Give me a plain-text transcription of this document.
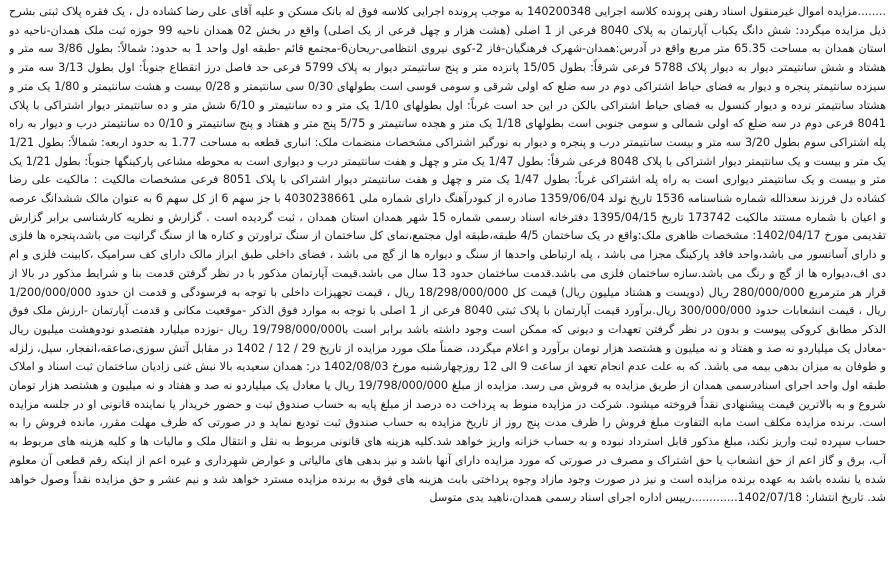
........مزایده اموال غیرمنقول اسناد رهنی پرونده کلاسه اجرایی 140200348 به موجب پرونده اجرایی کلاسه فوق له بانک مسکن و علیه آقای علی رضا کشاده دل ، یک فقره پلاک ثبتی بشرح ذیل مزایده میگردد: شش دانگ یکباب آپارتمان به پلاک 8040 فرعی از 1 اصلی (هشت هزار و چهل فرعی از یک اصلی) واقع در بخش 02 همدان ناحیه 99 حوزه ثبت ملک همدان-ناحیه دو استان همدان به مساحت 65.35 متر مربع واقع در آدرس:همدان-شهرک فرهنگیان-فاز 2-کوی نیروی انتظامی-ریحان6-مجتمع قائم -طبقه اول واحد 1 به حدود: شمالاً: بطول 3/86 سه متر و هشتاد و شش سانتیمتر دیوار به دیوار پلاک 5788 فرعی شرقاً: بطول 15/05 پانزده متر و پنج سانتیمتر دیوار به پلاک 5799 فرعی حد فاصل درز انقطاع جنوباً: اول بطول 3/13 سه متر و سیزده سانتیمتر پنجره و دیوار به فضای حیاط اشتراکی دوم در سه ضلع که اولی شرقی و سومی قوسی است بطولهای 0/30 سی سانتیمتر و 0/28 بیست و هشت سانتیمتر و 1/80 یک متر و هشتاد سانتیمتر نرده و دیوار کنسول به فضای حیاط اشتراکی بالکن در این حد است غرباً: اول بطولهای 1/10 یک متر و ده سانتیمتر و 6/10 شش متر و ده سانتیمتر دیوار اشتراکی با پلاک 8041 فرعی دوم در سه ضلع که اولی شمالی و سومی جنوبی است بطولهای 1/18 یک متر و هجده سانتیمتر و 5/75 پنج متر و هفتاد و پنج سانتیمتر و 0/10 ده سانتیمتر درب و دیوار به راه پله اشتراکی سوم بطول 3/20 سه متر و بیست سانتیمتر درب و پنجره و دیوار به نورگیر اشتراکی مشخصات منضمات ملک: انباری قطعه به مساحت 1.77 به حدود اربعه: شمالاً: بطول 1/21 یک متر و بیست و یک سانتیمتر دیوار اشتراکی با پلاک 8048 فرعی شرقاً: بطول 1/47 یک متر و چهل و هفت سانتیمتر درب و دیواری است به محوطه مشاعی پارکینگها جنوباً: بطول 1/21 یک متر و بیست و یک سانتیمتر دیواری است به راه پله اشتراکی غرباً: بطول 1/47 یک متر و چهل و هفت سانتیمتر دیوار اشتراکی با پلاک 8051 فرعی مشخصات مالکیت : مالکیت علی رضا کشاده دل فرزند سعدالله شماره شناسنامه 1536 تاریخ تولد 1359/06/04 صادره از کبودرآهنگ دارای شماره ملی 4030238661 با جز سهم 6 از کل سهم 6 به عنوان مالک ششدانگ عرصه و اعیان با شماره مستند مالکیت 173742 تاریخ 1395/04/15 دفترخانه اسناد رسمی شماره 15 شهر همدان استان همدان ، ثبت گردیده است . گزارش و نظریه کارشناسی برابر گزارش تقدیمی مورخ 1402/04/17: مشخصات ظاهری ملک:واقع در یک ساختمان 4/5 طبقه،طبقه اول مجتمع،نمای کل ساختمان از سنگ تراورتن و کناره ها از سنگ گرانیت می باشد،پنجره ها فلزی و دارای آسانسور می باشد،واحد فاقد پارکینگ مجزا می باشد ، پله ارتباطی واحدها از سنگ و دیواره ها از گچ می باشد ، فضای داخلی طبق ابراز مالک دارای کف سرامیک ،کابینت فلزی و ام دی اف،دیواره ها از گچ و رنگ می باشد.سازه ساختمان فلزی می باشد.قدمت ساختمان حدود 13 سال می باشد.قیمت آپارتمان مذکور با در نظر گرفتن قدمت بنا و شرایط مذکور در بالا از قرار هر مترمربع 280/000/000 ریال (دویست و هشتاد میلیون ریال) قیمت کل 18/298/000/000 ریال ، قیمت تجهیزات داخلی با توجه به فرسودگی و قدمت ان حدود 1/200/000/000 ریال ، قیمت انشعابات حدود 300/000/000 ریال.برآورد قیمت آپارتمان با پلاک ثبتی 8040 فرعی از 1 اصلی با توجه به موارد فوق الذکر -موقعیت مکانی و قدمت آپارتمان -ارزش ملک فوق الذکر مطابق کروکی پیوست و بدون در نظر گرفتن تعهدات و دیونی که ممکن است وجود داشته باشد برابر است با19/798/000/000 ریال -نوزده میلیارد هفتصدو نودوهشت میلیون ریال -معادل یک میلیاردو نه صد و هفتاد و نه میلیون و هشتصد هزار تومان برآورد و اعلام میگردد، ضمناً ملک مورد مزایده از تاریخ 29 / 12 / 1402 در مقابل آتش سوزی،صاعقه،انفجار، سیل، زلزله و طوفان به میزان بدهی بیمه می باشد. که به علت عدم انجام تعهد از ساعت 9 الی 12 روزچهارشنبه مورخ 1402/08/03 در: همدان سعیدیه بالا نبش غنی زادیان ساختمان ثبت اسناد و املاک طبقه اول واحد اجرای اسنادرسمی همدان از طریق مزایده به فروش می رسد. مزایده از مبلغ 19/798/000/000 ریال یا معادل یک میلیاردو نه صد و هفتاد و نه میلیون و هشتصد هزار تومان شروع و به بالاترین قیمت پیشنهادی نقداً فروخته میشود. شرکت در مزایده منوط به پرداخت ده درصد از مبلغ پایه به حساب صندوق ثبت و حضور خریدار یا نماینده قانونی او در جلسه مزایده است. برنده مزایده مکلف است مابه التفاوت مبلغ فروش را ظرف مدت پنج روز از تاریخ مزایده به حساب صندوق ثبت تودیع نماید و در صورتی که ظرف مهلت مقرر، مانده فروش را به حساب سپرده ثبت واریز نکند، مبلغ مذکور قابل استرداد نبوده و به حساب خزانه واریز خواهد شد.کلیه هزینه های قانونی مربوط به نقل و انتقال ملک و مالیات ها و کلیه هزینه های مربوط به آب، برق و گاز اعم از حق انشعاب یا حق اشتراک و مصرف در صورتی که مورد مزایده دارای آنها باشد و نیز بدهی های مالیاتی و عوارض شهرداری و غیره اعم از اینکه رقم قطعی آن معلوم شده یا نشده باشد به عهده برنده مزایده است و نیز در صورت وجود مازاد وجوه پرداختی بابت هزینه های فوق به برنده مزایده مسترد خواهد شد و نیم عشر و حق مزایده نقداً وصول خواهد شد. تاریخ انتشار: 1402/07/18.............رییس اداره اجرای اسناد رسمی همدان،ناهید یدی متوسل
